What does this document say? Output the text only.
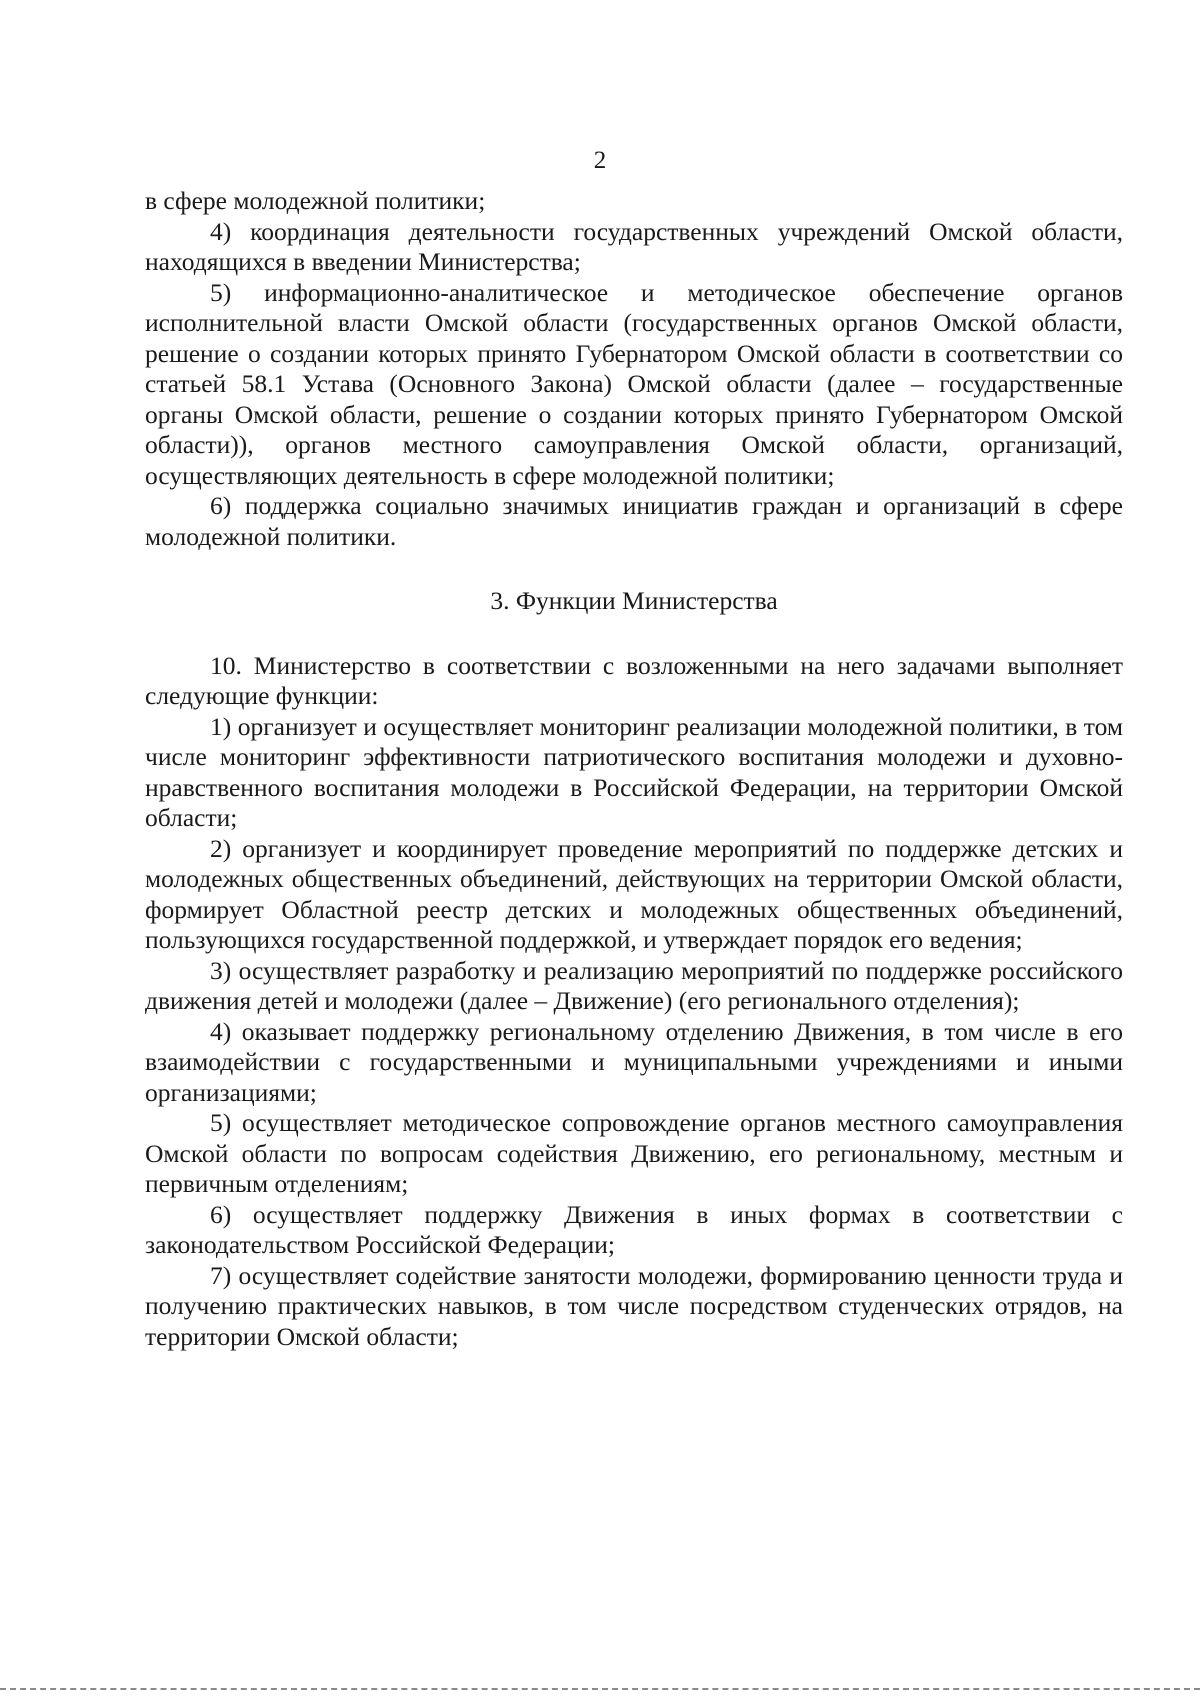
2

в сфере молодежной политики;

4) координация деятельности государственных учреждений Омской области, находящихся в введении Министерства;

5) информационно-аналитическое и методическое обеспечение органов исполнительной власти Омской области (государственных органов Омской области, решение о создании которых принято Губернатором Омской области в соответствии со статьей 58.1 Устава (Основного Закона) Омской области (далее – государственные органы Омской области, решение о создании которых принято Губернатором Омской области)), органов местного самоуправления Омской области, организаций, осуществляющих деятельность в сфере молодежной политики;

6) поддержка социально значимых инициатив граждан и организаций в сфере молодежной политики.

3. Функции Министерства

10. Министерство в соответствии с возложенными на него задачами выполняет следующие функции:

1) организует и осуществляет мониторинг реализации молодежной политики, в том числе мониторинг эффективности патриотического воспитания молодежи и духовно-нравственного воспитания молодежи в Российской Федерации, на территории Омской области;

2) организует и координирует проведение мероприятий по поддержке детских и молодежных общественных объединений, действующих на территории Омской области, формирует Областной реестр детских и молодежных общественных объединений, пользующихся государственной поддержкой, и утверждает порядок его ведения;

3) осуществляет разработку и реализацию мероприятий по поддержке российского движения детей и молодежи (далее – Движение) (его регионального отделения);

4) оказывает поддержку региональному отделению Движения, в том числе в его взаимодействии с государственными и муниципальными учреждениями и иными организациями;

5) осуществляет методическое сопровождение органов местного самоуправления Омской области по вопросам содействия Движению, его региональному, местным и первичным отделениям;

6) осуществляет поддержку Движения в иных формах в соответствии с законодательством Российской Федерации;

7) осуществляет содействие занятости молодежи, формированию ценности труда и получению практических навыков, в том числе посредством студенческих отрядов, на территории Омской области;
